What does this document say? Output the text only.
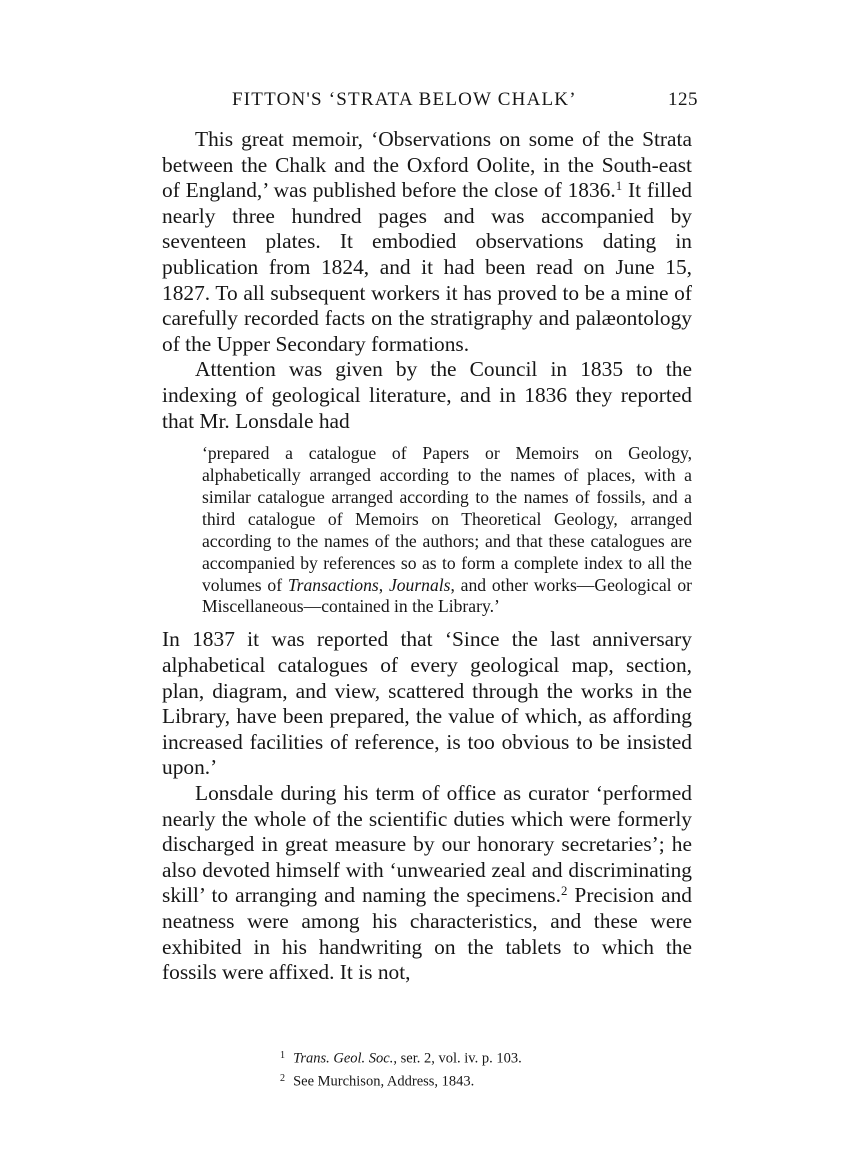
FITTON'S ‘STRATA BELOW CHALK’	125

This great memoir, ‘Observations on some of the Strata between the Chalk and the Oxford Oolite, in the South-east of England,’ was published before the close of 1836.$^1$ It filled nearly three hundred pages and was accompanied by seventeen plates. It embodied observations dating in publication from 1824, and it had been read on June 15, 1827. To all subsequent workers it has proved to be a mine of carefully recorded facts on the stratigraphy and palæontology of the Upper Secondary formations.

Attention was given by the Council in 1835 to the indexing of geological literature, and in 1836 they reported that Mr. Lonsdale had

‘prepared a catalogue of Papers or Memoirs on Geology, alphabetically arranged according to the names of places, with a similar catalogue arranged according to the names of fossils, and a third catalogue of Memoirs on Theoretical Geology, arranged according to the names of the authors; and that these catalogues are accompanied by references so as to form a complete index to all the volumes of Transactions, Journals, and other works—Geological or Miscellaneous—contained in the Library.’

In 1837 it was reported that ‘Since the last anniversary alphabetical catalogues of every geological map, section, plan, diagram, and view, scattered through the works in the Library, have been prepared, the value of which, as affording increased facilities of reference, is too obvious to be insisted upon.’

Lonsdale during his term of office as curator ‘performed nearly the whole of the scientific duties which were formerly discharged in great measure by our honorary secretaries’; he also devoted himself with ‘unwearied zeal and discriminating skill’ to arranging and naming the specimens.$^2$ Precision and neatness were among his characteristics, and these were exhibited in his handwriting on the tablets to which the fossils were affixed. It is not,

$^1$ Trans. Geol. Soc., ser. 2, vol. iv. p. 103.
$^2$ See Murchison, Address, 1843.
